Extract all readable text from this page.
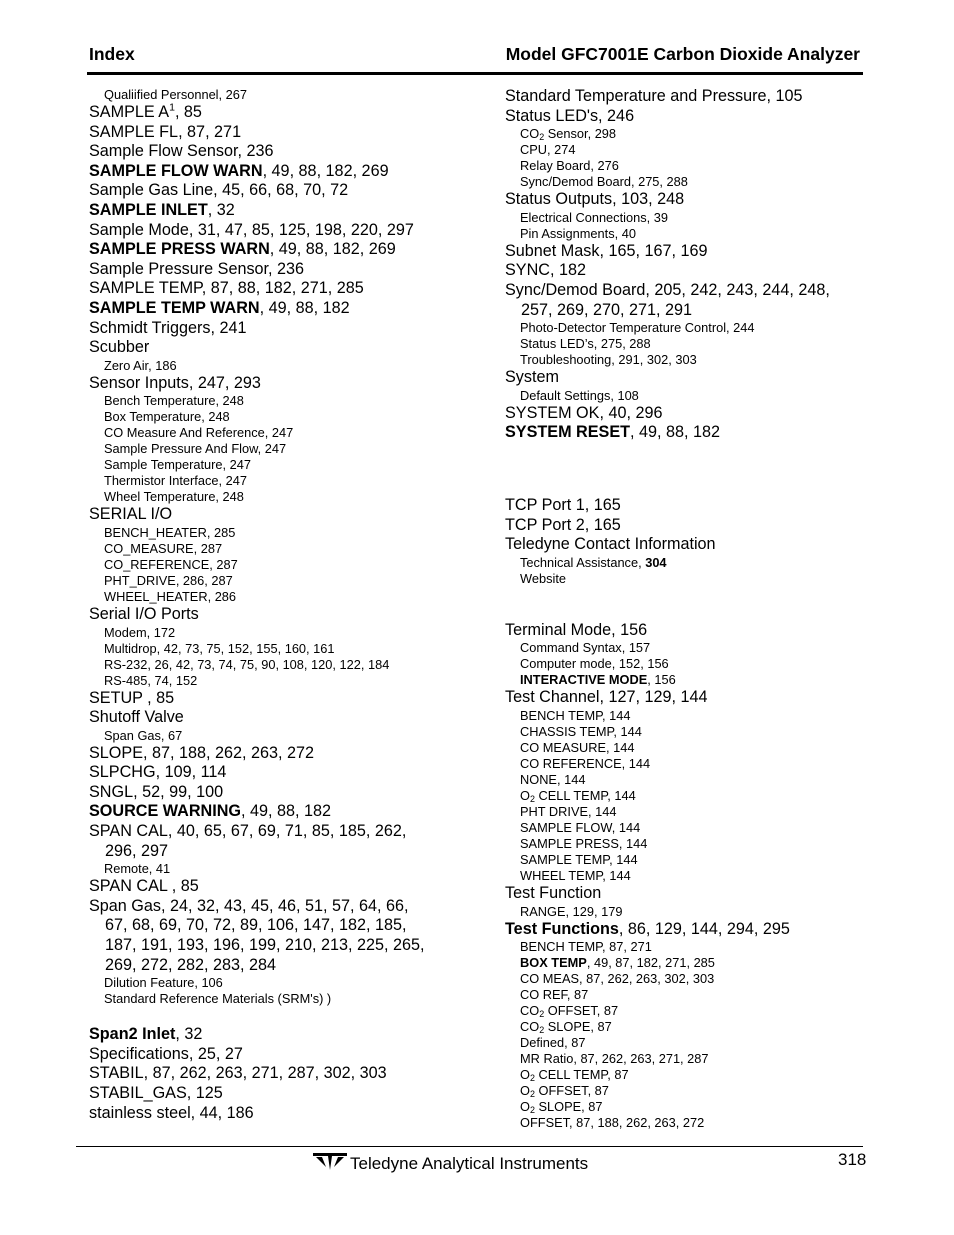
Index	Model GFC7001E Carbon Dioxide Analyzer
Qualiified Personnel, 267
SAMPLE $A^1$, 85
SAMPLE FL, 87, 271
Sample Flow Sensor, 236
SAMPLE FLOW WARN, 49, 88, 182, 269
Sample Gas Line, 45, 66, 68, 70, 72
SAMPLE INLET, 32
Sample Mode, 31, 47, 85, 125, 198, 220, 297
SAMPLE PRESS WARN, 49, 88, 182, 269
Sample Pressure Sensor, 236
SAMPLE TEMP, 87, 88, 182, 271, 285
SAMPLE TEMP WARN, 49, 88, 182
Schmidt Triggers, 241
Scubber
Zero Air, 186
Sensor Inputs, 247, 293
Bench Temperature, 248
Box Temperature, 248
CO Measure And Reference, 247
Sample Pressure And Flow, 247
Sample Temperature, 247
Thermistor Interface, 247
Wheel Temperature, 248
SERIAL I/O
BENCH_HEATER, 285
CO_MEASURE, 287
CO_REFERENCE, 287
PHT_DRIVE, 286, 287
WHEEL_HEATER, 286
Serial I/O Ports
Modem, 172
Multidrop, 42, 73, 75, 152, 155, 160, 161
RS-232, 26, 42, 73, 74, 75, 90, 108, 120, 122, 184
RS-485, 74, 152
SETUP , 85
Shutoff Valve
Span Gas, 67
SLOPE, 87, 188, 262, 263, 272
SLPCHG, 109, 114
SNGL, 52, 99, 100
SOURCE WARNING, 49, 88, 182
SPAN CAL, 40, 65, 67, 69, 71, 85, 185, 262,
296, 297
Remote, 41
SPAN CAL , 85
Span Gas, 24, 32, 43, 45, 46, 51, 57, 64, 66,
67, 68, 69, 70, 72, 89, 106, 147, 182, 185,
187, 191, 193, 196, 199, 210, 213, 225, 265,
269, 272, 282, 283, 284
Dilution Feature, 106
Standard Reference Materials (SRM's) )
Span2 Inlet, 32
Specifications, 25, 27
STABIL, 87, 262, 263, 271, 287, 302, 303
STABIL_GAS, 125
stainless steel, 44, 186
Standard Temperature and Pressure, 105
Status LED's, 246
$CO_2$ Sensor, 298
CPU, 274
Relay Board, 276
Sync/Demod Board, 275, 288
Status Outputs, 103, 248
Electrical Connections, 39
Pin Assignments, 40
Subnet Mask, 165, 167, 169
SYNC, 182
Sync/Demod Board, 205, 242, 243, 244, 248,
257, 269, 270, 271, 291
Photo-Detector Temperature Control, 244
Status LED’s, 275, 288
Troubleshooting, 291, 302, 303
System
Default Settings, 108
SYSTEM OK, 40, 296
SYSTEM RESET, 49, 88, 182
TCP Port 1, 165
TCP Port 2, 165
Teledyne Contact Information
Technical Assistance, 304
Website
Terminal Mode, 156
Command Syntax, 157
Computer mode, 152, 156
INTERACTIVE MODE, 156
Test Channel, 127, 129, 144
BENCH TEMP, 144
CHASSIS TEMP, 144
CO MEASURE, 144
CO REFERENCE, 144
NONE, 144
$O_2$ CELL TEMP, 144
PHT DRIVE, 144
SAMPLE FLOW, 144
SAMPLE PRESS, 144
SAMPLE TEMP, 144
WHEEL TEMP, 144
Test Function
RANGE, 129, 179
Test Functions, 86, 129, 144, 294, 295
BENCH TEMP, 87, 271
BOX TEMP, 49, 87, 182, 271, 285
CO MEAS, 87, 262, 263, 302, 303
CO REF, 87
$CO_2$ OFFSET, 87
$CO_2$ SLOPE, 87
Defined, 87
MR Ratio, 87, 262, 263, 271, 287
$O_2$ CELL TEMP, 87
$O_2$ OFFSET, 87
$O_2$ SLOPE, 87
OFFSET, 87, 188, 262, 263, 272
Teledyne Analytical Instruments	318
